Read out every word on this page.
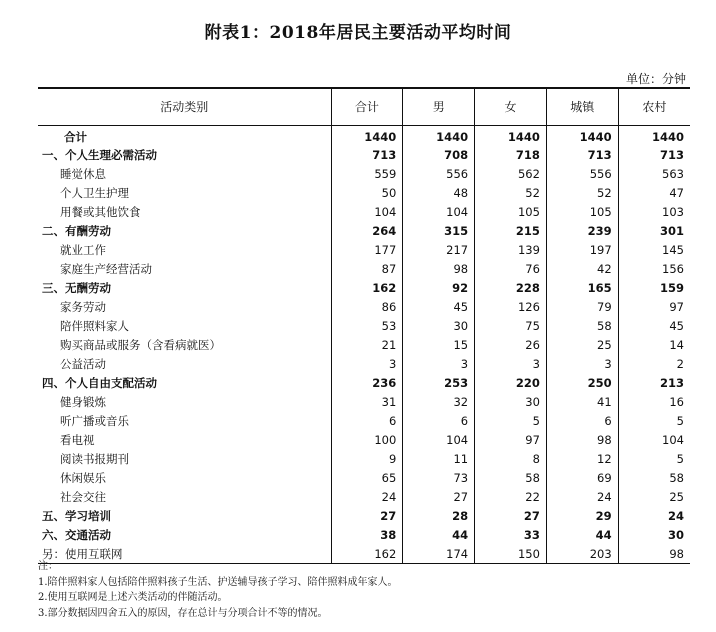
附表1：2018年居民主要活动平均时间
单位：分钟
活动类别	合计	男	女	城镇	农村
合计	1440	1440	1440	1440	1440
一、个人生理必需活动	713	708	718	713	713
睡觉休息	559	556	562	556	563
个人卫生护理	50	48	52	52	47
用餐或其他饮食	104	104	105	105	103
二、有酬劳动	264	315	215	239	301
就业工作	177	217	139	197	145
家庭生产经营活动	87	98	76	42	156
三、无酬劳动	162	92	228	165	159
家务劳动	86	45	126	79	97
陪伴照料家人	53	30	75	58	45
购买商品或服务（含看病就医）	21	15	26	25	14
公益活动	3	3	3	3	2
四、个人自由支配活动	236	253	220	250	213
健身锻炼	31	32	30	41	16
听广播或音乐	6	6	5	6	5
看电视	100	104	97	98	104
阅读书报期刊	9	11	8	12	5
休闲娱乐	65	73	58	69	58
社会交往	24	27	22	24	25
五、学习培训	27	28	27	29	24
六、交通活动	38	44	33	44	30
另：使用互联网	162	174	150	203	98
注：
1.陪伴照料家人包括陪伴照料孩子生活、护送辅导孩子学习、陪伴照料成年家人。
2.使用互联网是上述六类活动的伴随活动。
3.部分数据因四舍五入的原因，存在总计与分项合计不等的情况。
